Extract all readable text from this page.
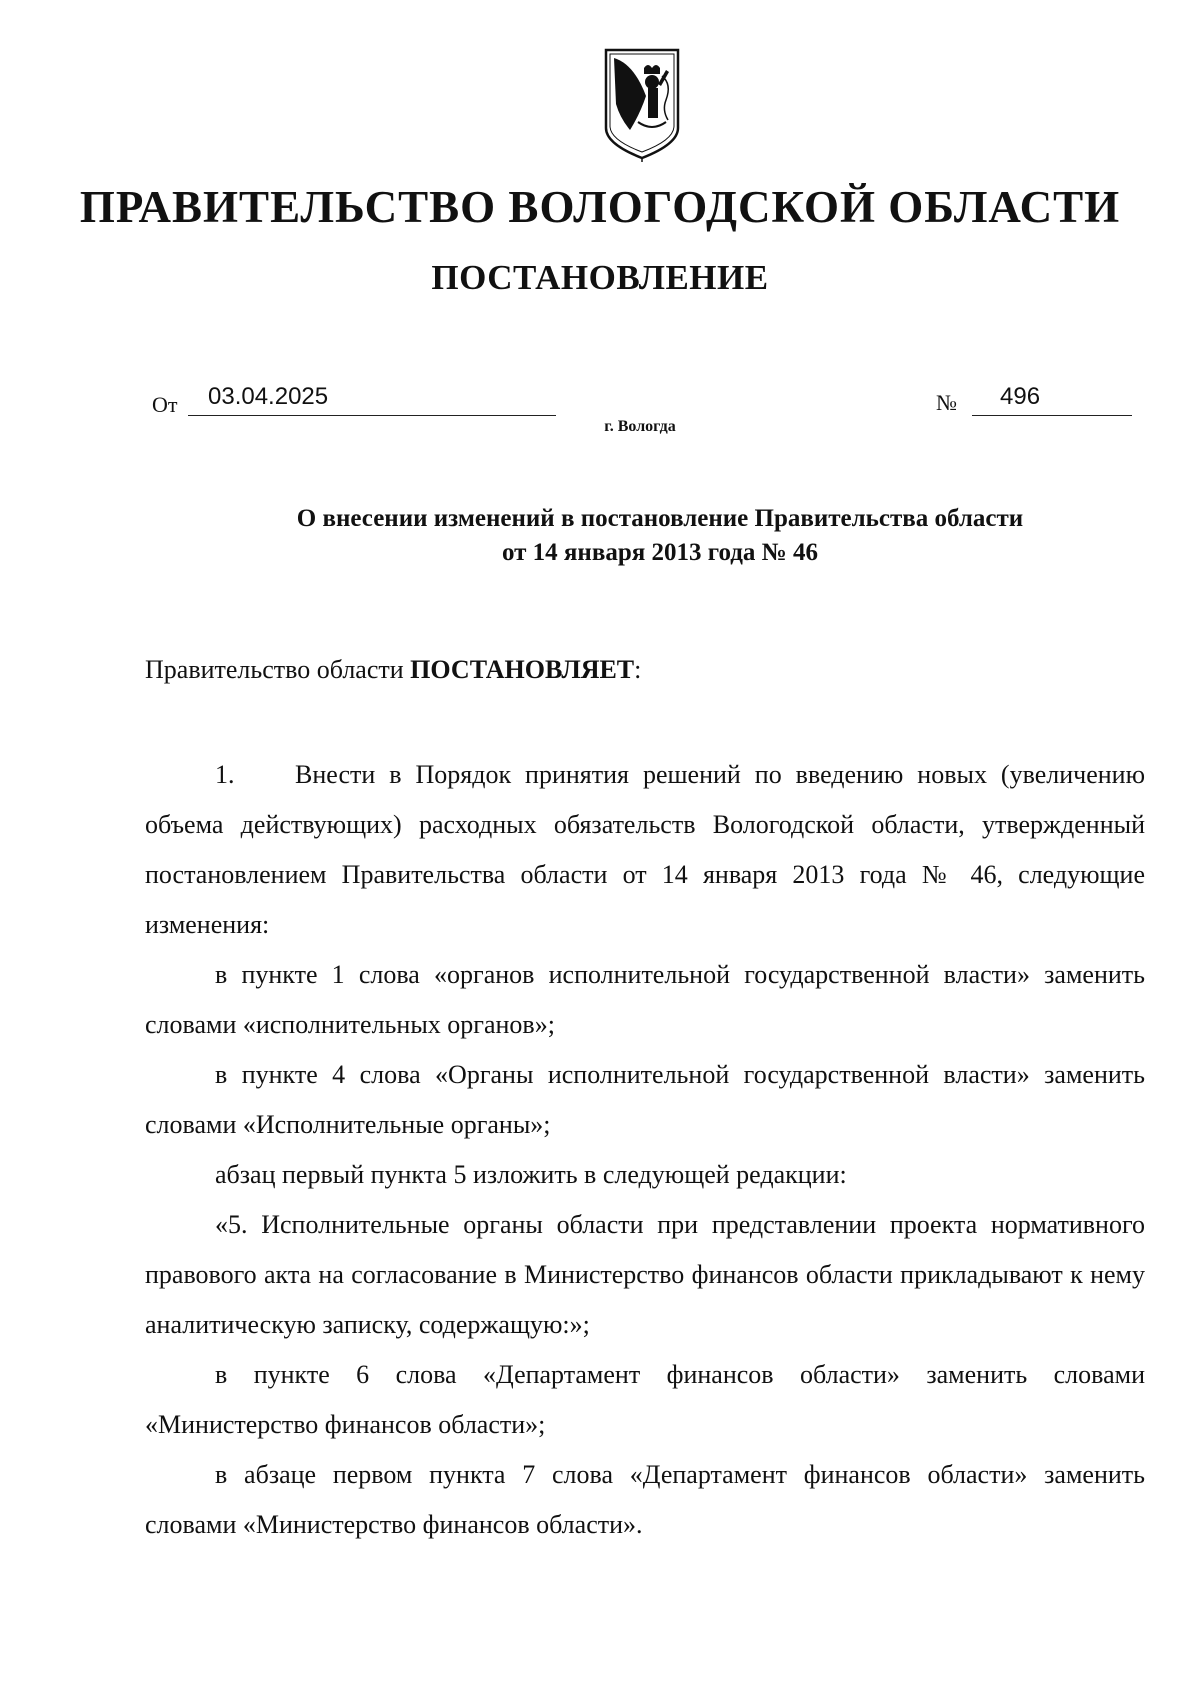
ПРАВИТЕЛЬСТВО ВОЛОГОДСКОЙ ОБЛАСТИ
ПОСТАНОВЛЕНИЕ
От	03.04.2025	№	496

г. Вологда

О внесении изменений в постановление Правительства области
от 14 января 2013 года № 46

Правительство области ПОСТАНОВЛЯЕТ:

1. Внести в Порядок принятия решений по введению новых (увеличению объема действующих) расходных обязательств Вологодской области, утвержденный постановлением Правительства области от 14 января 2013 года № 46, следующие изменения:

в пункте 1 слова «органов исполнительной государственной власти» заменить словами «исполнительных органов»;

в пункте 4 слова «Органы исполнительной государственной власти» заменить словами «Исполнительные органы»;

абзац первый пункта 5 изложить в следующей редакции:

«5. Исполнительные органы области при представлении проекта нормативного правового акта на согласование в Министерство финансов области прикладывают к нему аналитическую записку, содержащую:»;

в пункте 6 слова «Департамент финансов области» заменить словами «Министерство финансов области»;

в абзаце первом пункта 7 слова «Департамент финансов области» заменить словами «Министерство финансов области».
